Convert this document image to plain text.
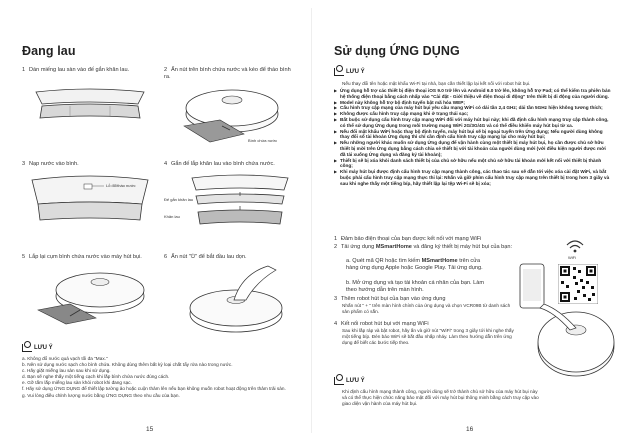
Đang lau
1 Dán miếng lau sàn vào đế gắn khăn lau.	2 Ấn nút trên bình chứa nước và kéo để tháo bình ra.
Bình chứa nước
3 Nạp nước vào bình.
Lỗ đổ/tháo nước
4 Gắn đế lắp khăn lau vào bình chứa nước.
Đế gắn khăn lau
Khăn lau
5 Lắp lại cụm bình chứa nước vào máy hút bụi.	6 Ấn nút "⏻" để bắt đầu lau dọn.
LƯU Ý
a. Không đổ nước quá vạch tối đa "Max."
b. Nên sử dụng nước sạch cho bình chứa. Không dùng thêm bất kỳ loại chất tẩy rửa nào trong nước.
c. Hãy giặt miếng lau sàn sau khi sử dụng.
d. Bạn sẽ nghe thấy một tiếng cạch khi lắp bình chứa nước đúng cách.
e. Gỡ tấm lắp miếng lau sàn khỏi robot khi đang sạc.
f. Hãy sử dụng ỨNG DỤNG để thiết lập tường ảo hoặc cuộn thảm lên nếu bạn không muốn robot hoạt động trên thảm trải sàn.
g. Vui lòng điều chỉnh lượng nước bằng ỨNG DỤNG theo nhu cầu của bạn.
15
Sử dụng ỨNG DỤNG
LƯU Ý
Nếu thay đổi tên hoặc mật khẩu Wi-Fi tại nhà, bạn cần thiết lập lại kết nối với robot hút bụi.
▶ Ứng dụng hỗ trợ các thiết bị điện thoại iOS 9.0 trở lên và Android 6.0 trở lên, không hỗ trợ Pad; có thể kiểm tra phiên bản hệ thống điện thoại bằng cách nhấp vào "Cài đặt - Giới thiệu về điện thoại di động" trên thiết bị di động của người dùng.
▶ Model này không hỗ trợ bộ định tuyến bật mã hóa WEP;
▶ Cấu hình truy cập mạng của máy hút bụi yêu cầu mạng WiFi có dải tần 2,4 GHz; dải tần 5GHz hiện không tương thích;
▶ Không được cấu hình truy cập mạng khi ở trạng thái sạc;
▶ Bất buộc sử dụng cấu hình truy cập mạng WiFi đối với máy hút bụi này; khi đã định cấu hình mạng truy cập thành công, có thể sử dụng Ứng dụng trong môi trường mạng WiFi 2G/3G/4G và có thể điều khiển máy hút bụi từ xa.
▶ Nếu đổi mật khẩu WiFi hoặc thay bộ định tuyến, máy hút bụi sẽ bị ngoại tuyến trên Ứng dụng; Nếu người dùng không thay đổi số tài khoản Ứng dụng thì chỉ cần định cấu hình truy cập mạng lại cho máy hút bụi;
▶ Nếu những người khác muốn sử dụng Ứng dụng để vận hành cùng một thiết bị máy hút bụi, họ cần được chủ sở hữu thiết bị mời trên Ứng dụng bằng cách chia sẻ thiết bị với tài khoản của người dùng mới (với điều kiện người được mời đã tải xuống Ứng dụng và đăng ký tài khoản);
▶ Thiết bị sẽ bị xóa khỏi danh sách thiết bị của chủ sở hữu nếu một chủ sở hữu tài khoản mới kết nối với thiết bị thành công;
▶ Khi máy hút bụi được định cấu hình truy cập mạng thành công, các thao tác sau sẽ dẫn tới việc xóa cài đặt WiFi, và bắt buộc phải cấu hình truy cập mạng thực thi lại: Nhấn và giữ phím cấu hình truy cập mạng trên thiết bị trong hơn 3 giây và sau khi nghe thấy một tiếng bíp, hãy thiết lập lại tệp Wi-Fi sẽ bị xóa;
1 Đảm bảo điện thoại của bạn được kết nối với mạng WiFi
2 Tải ứng dụng MSmartHome và đăng ký thiết bị máy hút bụi của bạn:
a. Quét mã QR hoặc tìm kiếm MSmartHome trên cửa hàng ứng dụng Apple hoặc Google Play. Tải ứng dụng.
b. Mở ứng dụng và tạo tài khoản cá nhân của bạn. Làm theo hướng dẫn trên màn hình.
WiFi
3 Thêm robot hút bụi của bạn vào ứng dụng
Nhấn nút " + " trên màn hình chính của ứng dụng và chọn VCR09B từ danh sách sản phẩm có sẵn.
4 Kết nối robot hút bụi với mạng WiFi
Sau khi lắp ráp và bật robot, hãy ấn và giữ nút "WiFi" trong 3 giây tới khi nghe thấy một tiếng bíp. Đèn báo WiFi sẽ bắt đầu nhấp nháy. Làm theo hướng dẫn trên ứng dụng để biết các bước tiếp theo.
LƯU Ý
Khi định cấu hình mạng thành công, người dùng sẽ trở thành chủ sở hữu của máy hút bụi này và có thể thực hiện chức năng bảo mật đối với máy hút bụi thông minh bằng cách truy cập vào giao diện vận hành của máy hút bụi.
16
